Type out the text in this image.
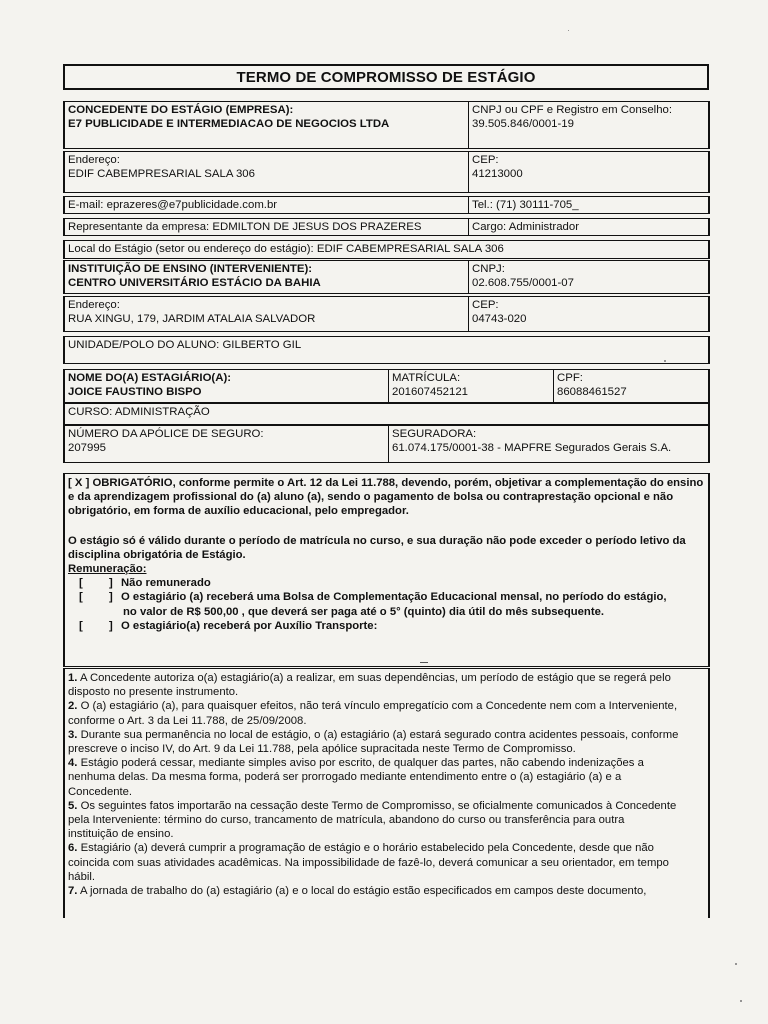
TERMO DE COMPROMISSO DE ESTÁGIO
CONCEDENTE DO ESTÁGIO (EMPRESA):
E7 PUBLICIDADE E INTERMEDIACAO DE NEGOCIOS LTDA
CNPJ ou CPF e Registro em Conselho:
39.505.846/0001-19
Endereço:
EDIF CABEMPRESARIAL SALA 306
CEP:
41213000
E-mail: eprazeres@e7publicidade.com.br	Tel.: (71) 30111-705_
Representante da empresa: EDMILTON DE JESUS DOS PRAZERES	Cargo: Administrador
Local do Estágio (setor ou endereço do estágio): EDIF CABEMPRESARIAL SALA 306
INSTITUIÇÃO DE ENSINO (INTERVENIENTE):
CENTRO UNIVERSITÁRIO ESTÁCIO DA BAHIA
CNPJ:
02.608.755/0001-07
Endereço:
RUA XINGU, 179, JARDIM ATALAIA SALVADOR
CEP:
04743-020
UNIDADE/POLO DO ALUNO: GILBERTO GIL
NOME DO(A) ESTAGIÁRIO(A):
JOICE FAUSTINO BISPO
MATRÍCULA:
201607452121
CPF:
86088461527
CURSO: ADMINISTRAÇÃO
NÚMERO DA APÓLICE DE SEGURO:
207995
SEGURADORA:
61.074.175/0001-38 - MAPFRE Segurados Gerais S.A.

[ X ] OBRIGATÓRIO, conforme permite o Art. 12 da Lei 11.788, devendo, porém, objetivar a complementação do ensino

e da aprendizagem profissional do (a) aluno (a), sendo o pagamento de bolsa ou contraprestação opcional e não

obrigatório, em forma de auxílio educacional, pelo empregador.

O estágio só é válido durante o período de matrícula no curso, e sua duração não pode exceder o período letivo da

disciplina obrigatória de Estágio.

Remuneração:

[	] Não remunerado
[	] O estagiário (a) receberá uma Bolsa de Complementação Educacional mensal, no período do estágio,

no valor de R$ 500,00 , que deverá ser paga até o 5° (quinto) dia útil do mês subsequente.

[	] O estagiário(a) receberá por Auxílio Transporte:

1. A Concedente autoriza o(a) estagiário(a) a realizar, em suas dependências, um período de estágio que se regerá pelo

disposto no presente instrumento.

2. O (a) estagiário (a), para quaisquer efeitos, não terá vínculo empregatício com a Concedente nem com a Interveniente,

conforme o Art. 3 da Lei 11.788, de 25/09/2008.

3. Durante sua permanência no local de estágio, o (a) estagiário (a) estará segurado contra acidentes pessoais, conforme

prescreve o inciso IV, do Art. 9 da Lei 11.788, pela apólice supracitada neste Termo de Compromisso.

4. Estágio poderá cessar, mediante simples aviso por escrito, de qualquer das partes, não cabendo indenizações a

nenhuma delas. Da mesma forma, poderá ser prorrogado mediante entendimento entre o (a) estagiário (a) e a

Concedente.

5. Os seguintes fatos importarão na cessação deste Termo de Compromisso, se oficialmente comunicados à Concedente

pela Interveniente: término do curso, trancamento de matrícula, abandono do curso ou transferência para outra

instituição de ensino.

6. Estagiário (a) deverá cumprir a programação de estágio e o horário estabelecido pela Concedente, desde que não

coincida com suas atividades acadêmicas. Na impossibilidade de fazê-lo, deverá comunicar a seu orientador, em tempo

hábil.

7. A jornada de trabalho do (a) estagiário (a) e o local do estágio estão especificados em campos deste documento,
